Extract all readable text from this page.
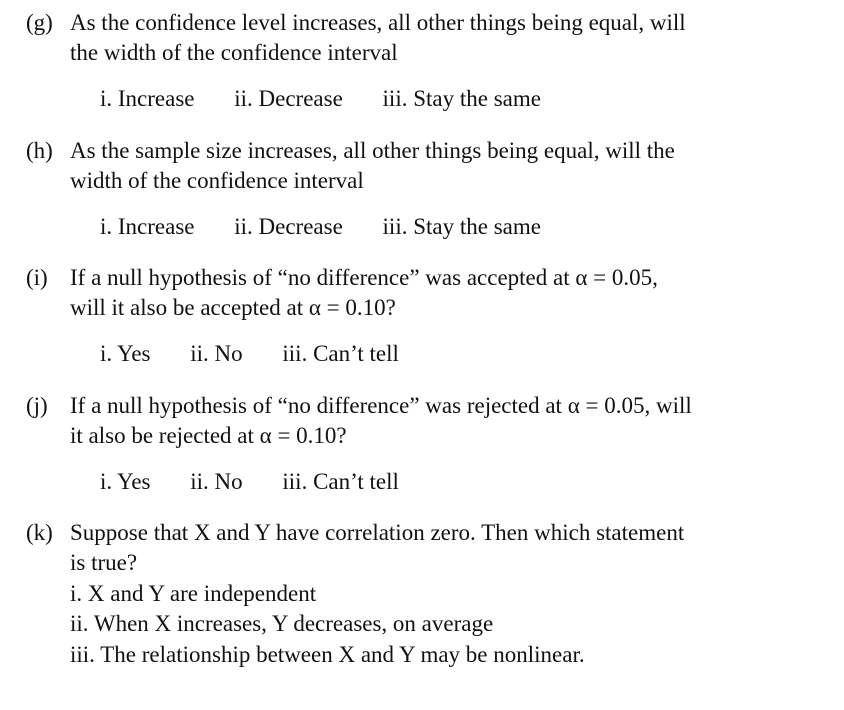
(g) As the confidence level increases, all other things being equal, will
the width of the confidence interval
i. Increase ii. Decrease iii. Stay the same
(h) As the sample size increases, all other things being equal, will the
width of the confidence interval
i. Increase ii. Decrease iii. Stay the same
(i) If a null hypothesis of “no difference” was accepted at α = 0.05,
will it also be accepted at α = 0.10?
i. Yes ii. No iii. Can’t tell
(j) If a null hypothesis of “no difference” was rejected at α = 0.05, will
it also be rejected at α = 0.10?
i. Yes ii. No iii. Can’t tell
(k) Suppose that X and Y have correlation zero. Then which statement
is true?
i. X and Y are independent
ii. When X increases, Y decreases, on average
iii. The relationship between X and Y may be nonlinear.
